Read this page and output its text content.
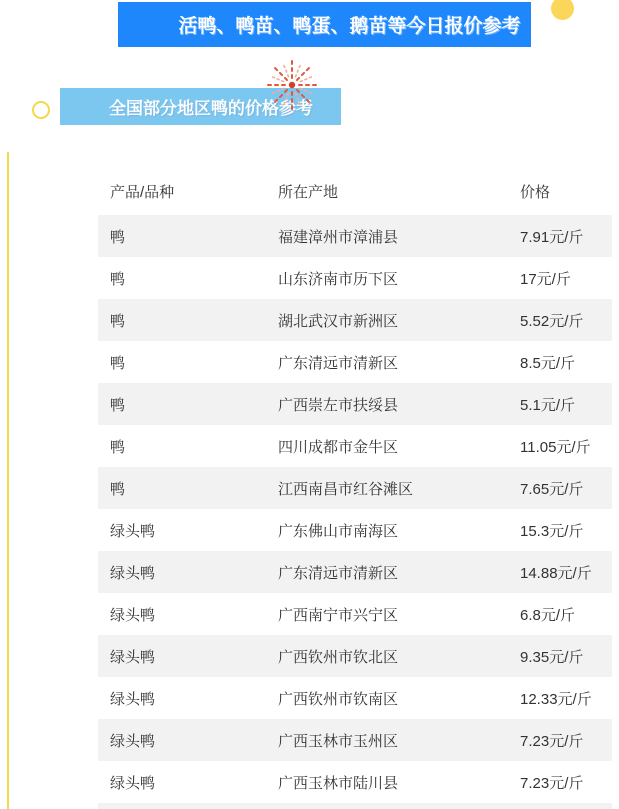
活鸭、鸭苗、鸭蛋、鹅苗等今日报价参考
全国部分地区鸭的价格参考
产品/品种	所在产地	价格
鸭	福建漳州市漳浦县	7.91元/斤
鸭	山东济南市历下区	17元/斤
鸭	湖北武汉市新洲区	5.52元/斤
鸭	广东清远市清新区	8.5元/斤
鸭	广西崇左市扶绥县	5.1元/斤
鸭	四川成都市金牛区	11.05元/斤
鸭	江西南昌市红谷滩区	7.65元/斤
绿头鸭	广东佛山市南海区	15.3元/斤
绿头鸭	广东清远市清新区	14.88元/斤
绿头鸭	广西南宁市兴宁区	6.8元/斤
绿头鸭	广西钦州市钦北区	9.35元/斤
绿头鸭	广西钦州市钦南区	12.33元/斤
绿头鸭	广西玉林市玉州区	7.23元/斤
绿头鸭	广西玉林市陆川县	7.23元/斤
